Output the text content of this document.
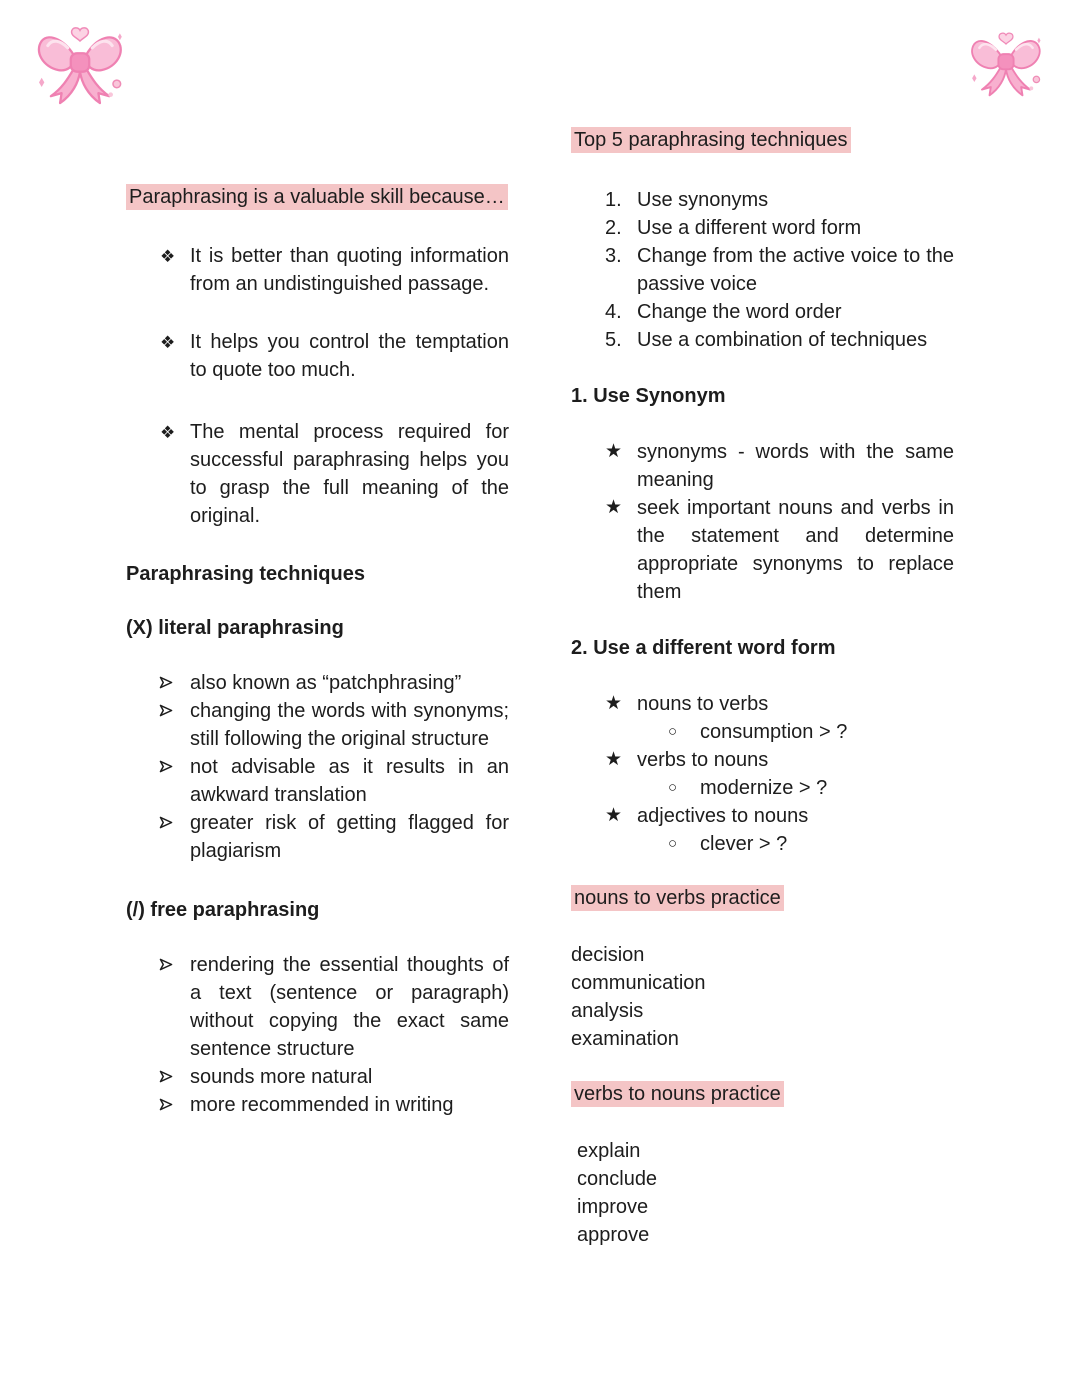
Paraphrasing is a valuable skill because…

❖ It is better than quoting information from an undistinguished passage.
❖ It helps you control the temptation to quote too much.
❖ The mental process required for successful paraphrasing helps you to grasp the full meaning of the original.

Paraphrasing techniques

(X) literal paraphrasing

also known as “patchphrasing”
changing the words with synonyms; still following the original structure
not advisable as it results in an awkward translation
greater risk of getting flagged for plagiarism

(/) free paraphrasing

rendering the essential thoughts of a text (sentence or paragraph) without copying the exact same sentence structure
sounds more natural
more recommended in writing

Top 5 paraphrasing techniques

1. Use synonyms
2. Use a different word form
3. Change from the active voice to the passive voice
4. Change the word order
5. Use a combination of techniques

1. Use Synonym

★ synonyms - words with the same meaning
★ seek important nouns and verbs in the statement and determine appropriate synonyms to replace them

2. Use a different word form

★ nouns to verbs
○ consumption > ?
★ verbs to nouns
○ modernize > ?
★ adjectives to nouns
○ clever > ?

nouns to verbs practice

decision

communication

analysis

examination

verbs to nouns practice

explain

conclude

improve

approve
